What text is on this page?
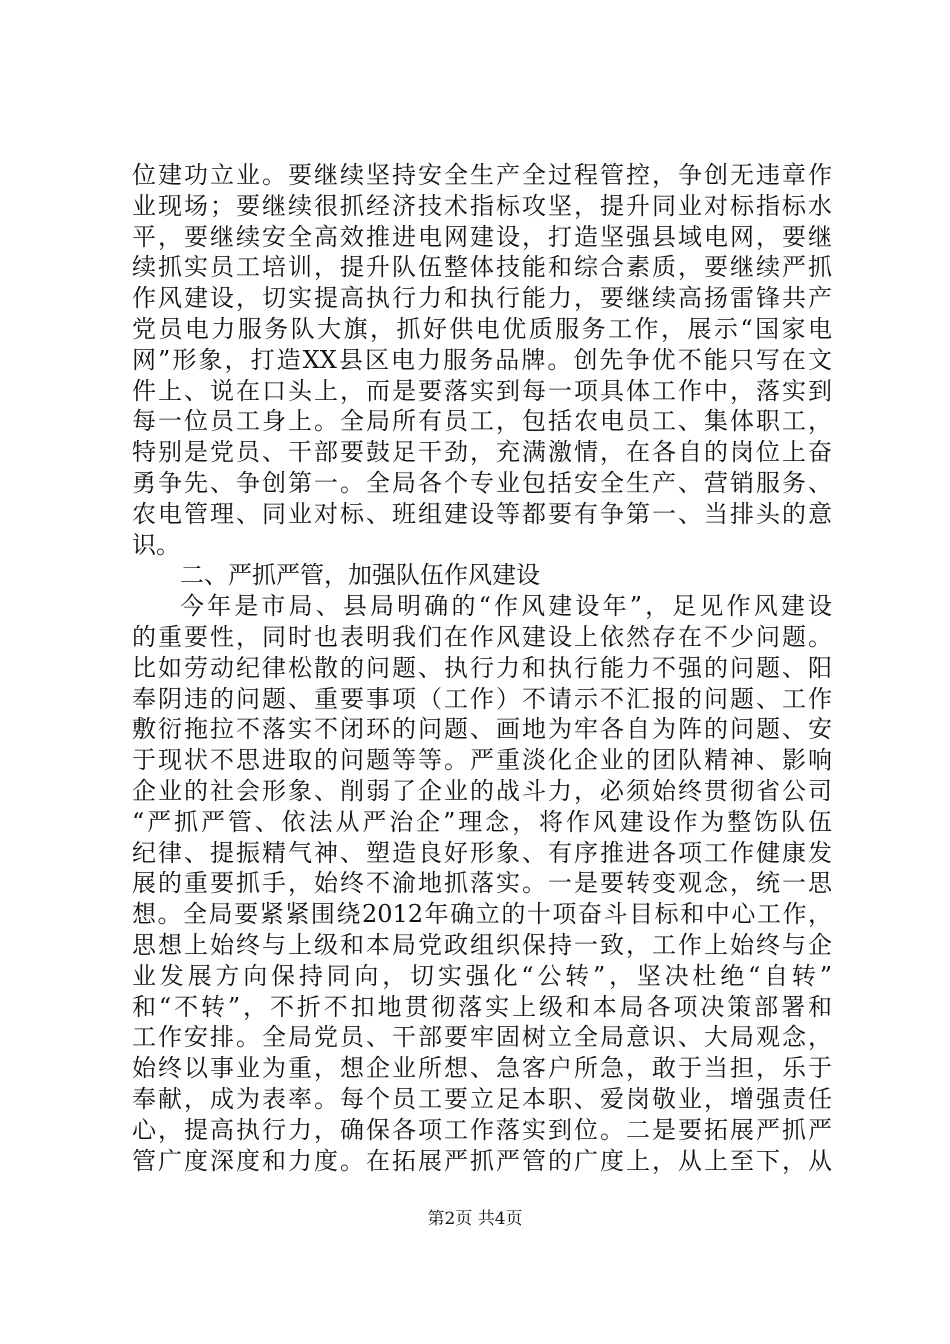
位建功立业。要继续坚持安全生产全过程管控，争创无违章作
业现场；要继续很抓经济技术指标攻坚，提升同业对标指标水
平，要继续安全高效推进电网建设，打造坚强县域电网，要继
续抓实员工培训，提升队伍整体技能和综合素质，要继续严抓
作风建设，切实提高执行力和执行能力，要继续高扬雷锋共产
党员电力服务队大旗，抓好供电优质服务工作，展示“国家电
网”形象，打造XX县区电力服务品牌。创先争优不能只写在文
件上、说在口头上，而是要落实到每一项具体工作中，落实到
每一位员工身上。全局所有员工，包括农电员工、集体职工，
特别是党员、干部要鼓足干劲，充满激情，在各自的岗位上奋
勇争先、争创第一。全局各个专业包括安全生产、营销服务、
农电管理、同业对标、班组建设等都要有争第一、当排头的意
识。
二、严抓严管，加强队伍作风建设
今年是市局、县局明确的“作风建设年”，足见作风建设
的重要性，同时也表明我们在作风建设上依然存在不少问题。
比如劳动纪律松散的问题、执行力和执行能力不强的问题、阳
奉阴违的问题、重要事项（工作）不请示不汇报的问题、工作
敷衍拖拉不落实不闭环的问题、画地为牢各自为阵的问题、安
于现状不思进取的问题等等。严重淡化企业的团队精神、影响
企业的社会形象、削弱了企业的战斗力，必须始终贯彻省公司
“严抓严管、依法从严治企”理念，将作风建设作为整饬队伍
纪律、提振精气神、塑造良好形象、有序推进各项工作健康发
展的重要抓手，始终不渝地抓落实。一是要转变观念，统一思
想。全局要紧紧围绕2012年确立的十项奋斗目标和中心工作，
思想上始终与上级和本局党政组织保持一致，工作上始终与企
业发展方向保持同向，切实强化“公转”，坚决杜绝“自转”
和“不转”，不折不扣地贯彻落实上级和本局各项决策部署和
工作安排。全局党员、干部要牢固树立全局意识、大局观念，
始终以事业为重，想企业所想、急客户所急，敢于当担，乐于
奉献，成为表率。每个员工要立足本职、爱岗敬业，增强责任
心，提高执行力，确保各项工作落实到位。二是要拓展严抓严
管广度深度和力度。在拓展严抓严管的广度上，从上至下，从
第2页 共4页
